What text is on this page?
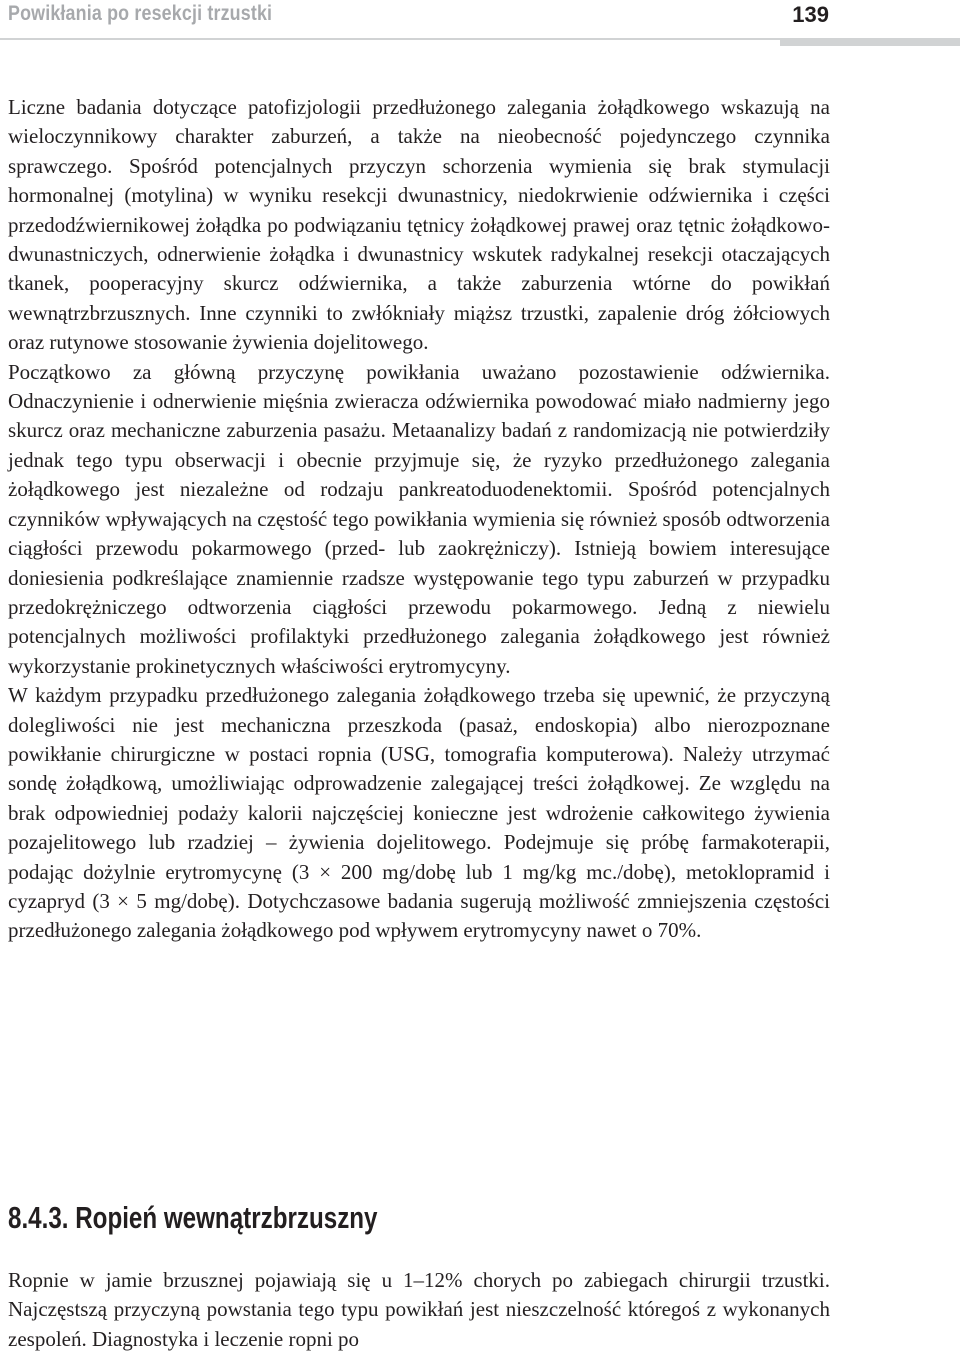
Powikłania po resekcji trzustki	139

Liczne badania dotyczące patofizjologii przedłużonego zalegania żołądkowego wskazują na wieloczynnikowy charakter zaburzeń, a także na nieobecność pojedynczego czynnika sprawczego. Spośród potencjalnych przyczyn schorzenia wymienia się brak stymulacji hormonalnej (motylina) w wyniku resekcji dwunastnicy, niedokrwienie odźwiernika i części przedodźwiernikowej żołądka po podwiązaniu tętnicy żołądkowej prawej oraz tętnic żołądkowo-dwunastniczych, odnerwienie żołądka i dwunastnicy wskutek radykalnej resekcji otaczających tkanek, pooperacyjny skurcz odźwiernika, a także zaburzenia wtórne do powikłań wewnątrzbrzusznych. Inne czynniki to zwłókniały miąższ trzustki, zapalenie dróg żółciowych oraz rutynowe stosowanie żywienia dojelitowego.

Początkowo za główną przyczynę powikłania uważano pozostawienie odźwiernika. Odnaczynienie i odnerwienie mięśnia zwieracza odźwiernika powodować miało nadmierny jego skurcz oraz mechaniczne zaburzenia pasażu. Metaanalizy badań z randomizacją nie potwierdziły jednak tego typu obserwacji i obecnie przyjmuje się, że ryzyko przedłużonego zalegania żołądkowego jest niezależne od rodzaju pankreatoduodenektomii. Spośród potencjalnych czynników wpływających na częstość tego powikłania wymienia się również sposób odtworzenia ciągłości przewodu pokarmowego (przed- lub zaokrężniczy). Istnieją bowiem interesujące doniesienia podkreślające znamiennie rzadsze występowanie tego typu zaburzeń w przypadku przedokrężniczego odtworzenia ciągłości przewodu pokarmowego. Jedną z niewielu potencjalnych możliwości profilaktyki przedłużonego zalegania żołądkowego jest również wykorzystanie prokinetycznych właściwości erytromycyny.

W każdym przypadku przedłużonego zalegania żołądkowego trzeba się upewnić, że przyczyną dolegliwości nie jest mechaniczna przeszkoda (pasaż, endoskopia) albo nierozpoznane powikłanie chirurgiczne w postaci ropnia (USG, tomografia komputerowa). Należy utrzymać sondę żołądkową, umożliwiając odprowadzenie zalegającej treści żołądkowej. Ze względu na brak odpowiedniej podaży kalorii najczęściej konieczne jest wdrożenie całkowitego żywienia pozajelitowego lub rzadziej – żywienia dojelitowego. Podejmuje się próbę farmakoterapii, podając dożylnie erytromycynę (3 × 200 mg/dobę lub 1 mg/kg mc./dobę), metoklopramid i cyzapryd (3 × 5 mg/dobę). Dotychczasowe badania sugerują możliwość zmniejszenia częstości przedłużonego zalegania żołądkowego pod wpływem erytromycyny nawet o 70%.

8.4.3. Ropień wewnątrzbrzuszny

Ropnie w jamie brzusznej pojawiają się u 1–12% chorych po zabiegach chirurgii trzustki. Najczęstszą przyczyną powstania tego typu powikłań jest nieszczelność któregoś z wykonanych zespoleń. Diagnostyka i leczenie ropni po
